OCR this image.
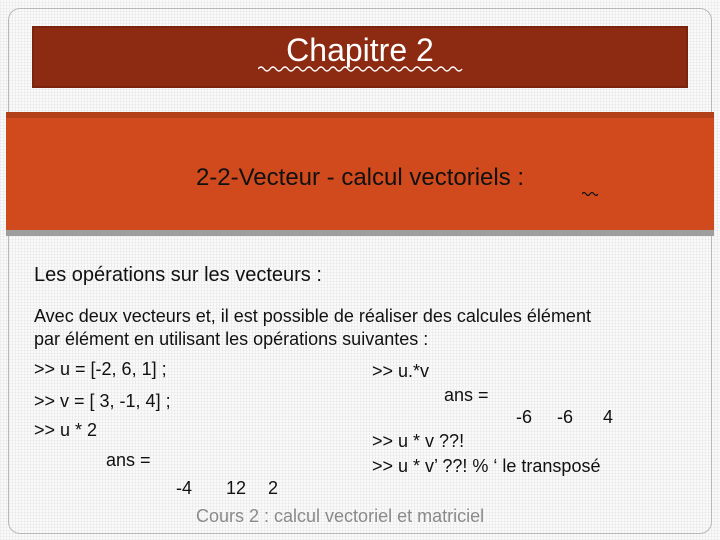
Chapitre 2
2-2-Vecteur - calcul vectoriels :
Les opérations sur les vecteurs :
Avec deux vecteurs et, il est possible de réaliser des calcules élément
par élément en utilisant les opérations suivantes :
>> u = [-2, 6, 1] ;
>> v = [ 3, -1, 4] ;
>> u * 2
ans =
-4 12 2
>> u.*v
ans =
-6 -6 4
>> u * v ??!
>> u * v’ ??! % ‘ le transposé
Cours 2 : calcul vectoriel et matriciel
